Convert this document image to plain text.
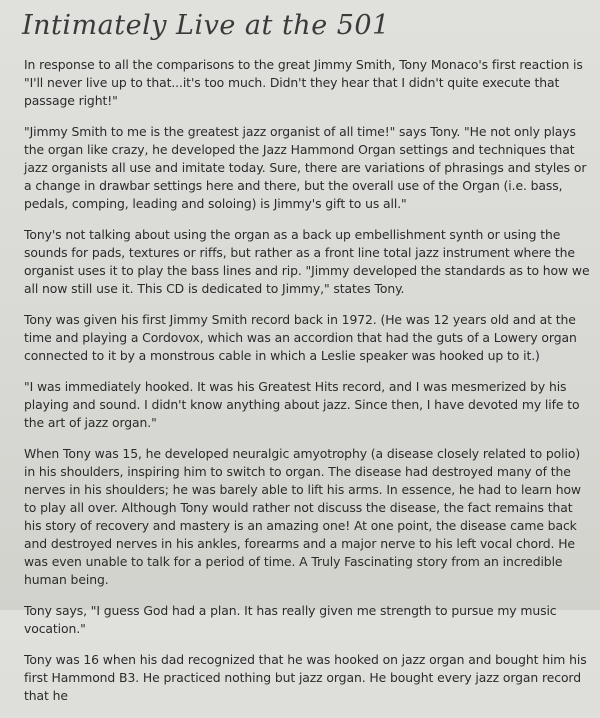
Intimately Live at the 501

In response to all the comparisons to the great Jimmy Smith, Tony Monaco's first reaction is "I'll never live up to that...it's too much. Didn't they hear that I didn't quite execute that passage right!"

"Jimmy Smith to me is the greatest jazz organist of all time!" says Tony. "He not only plays the organ like crazy, he developed the Jazz Hammond Organ settings and techniques that jazz organists all use and imitate today. Sure, there are variations of phrasings and styles or a change in drawbar settings here and there, but the overall use of the Organ (i.e. bass, pedals, comping, leading and soloing) is Jimmy's gift to us all."

Tony's not talking about using the organ as a back up embellishment synth or using the sounds for pads, textures or riffs, but rather as a front line total jazz instrument where the organist uses it to play the bass lines and rip. "Jimmy developed the standards as to how we all now still use it. This CD is dedicated to Jimmy," states Tony.

Tony was given his first Jimmy Smith record back in 1972. (He was 12 years old and at the time and playing a Cordovox, which was an accordion that had the guts of a Lowery organ connected to it by a monstrous cable in which a Leslie speaker was hooked up to it.)

"I was immediately hooked. It was his Greatest Hits record, and I was mesmerized by his playing and sound. I didn't know anything about jazz. Since then, I have devoted my life to the art of jazz organ."

When Tony was 15, he developed neuralgic amyotrophy (a disease closely related to polio) in his shoulders, inspiring him to switch to organ. The disease had destroyed many of the nerves in his shoulders; he was barely able to lift his arms. In essence, he had to learn how to play all over. Although Tony would rather not discuss the disease, the fact remains that his story of recovery and mastery is an amazing one! At one point, the disease came back and destroyed nerves in his ankles, forearms and a major nerve to his left vocal chord. He was even unable to talk for a period of time. A Truly Fascinating story from an incredible human being.

Tony says, "I guess God had a plan. It has really given me strength to pursue my music vocation."

Tony was 16 when his dad recognized that he was hooked on jazz organ and bought him his first Hammond B3. He practiced nothing but jazz organ. He bought every jazz organ record that he
